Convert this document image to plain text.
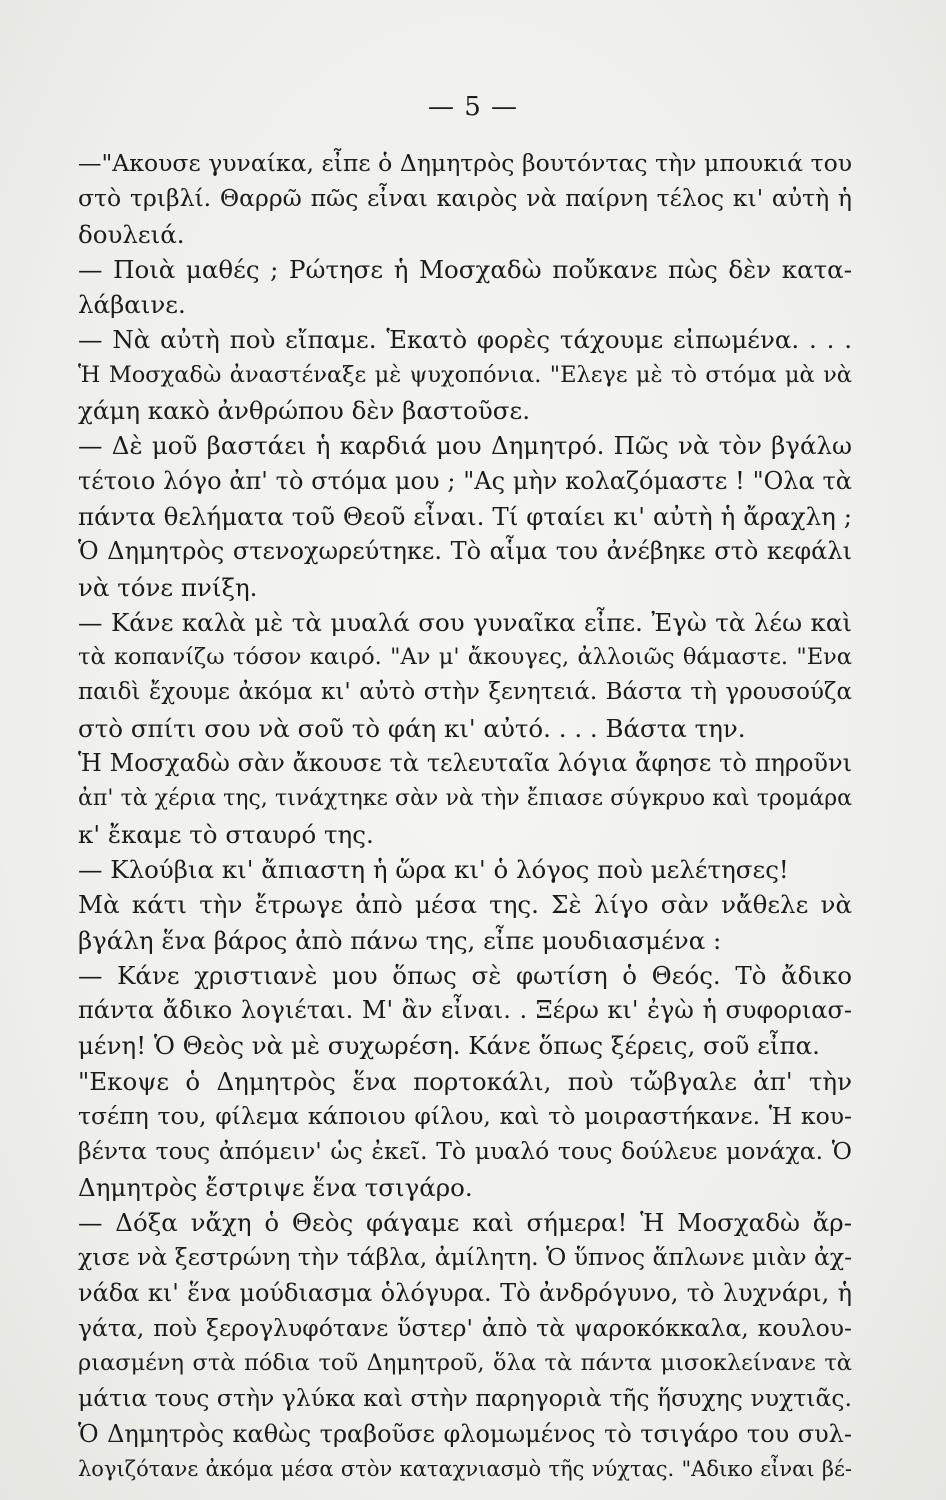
— 5 —
—"Ακουσε γυναίκα, εἶπε ὁ Δημητρὸς βουτόντας τὴν μπουκιά του
στὸ τριβλί. Θαρρῶ πῶς εἶναι καιρὸς νὰ παίρνη τέλος κι' αὐτὴ ἡ
δουλειά.
— Ποιὰ μαθές ; Ρώτησε ἡ Μοσχαδὼ ποὔκανε πὼς δὲν κατα-
λάβαινε.
— Νὰ αὐτὴ ποὺ εἴπαμε. Ἑκατὸ φορὲς τάχουμε εἰπωμένα. . . .
Ἡ Μοσχαδὼ ἀναστέναξε μὲ ψυχοπόνια. "Ελεγε μὲ τὸ στόμα μὰ νὰ
χάμη κακὸ ἀνθρώπου δὲν βαστοῦσε.
— Δὲ μοῦ βαστάει ἡ καρδιά μου Δημητρό. Πῶς νὰ τὸν βγάλω
τέτοιο λόγο ἀπ' τὸ στόμα μου ; "Ας μὴν κολαζόμαστε ! "Ολα τὰ
πάντα θελήματα τοῦ Θεοῦ εἶναι. Τί φταίει κι' αὐτὴ ἡ ἄραχλη ;
Ὁ Δημητρὸς στενοχωρεύτηκε. Τὸ αἷμα του ἀνέβηκε στὸ κεφάλι
νὰ τόνε πνίξη.
— Κάνε καλὰ μὲ τὰ μυαλά σου γυναῖκα εἶπε. Ἐγὼ τὰ λέω καὶ
τὰ κοπανίζω τόσον καιρό. "Αν μ' ἄκουγες, ἀλλοιῶς θάμαστε. "Ενα
παιδὶ ἔχουμε ἀκόμα κι' αὐτὸ στὴν ξενητειά. Βάστα τὴ γρουσούζα
στὸ σπίτι σου νὰ σοῦ τὸ φάη κι' αὐτό. . . . Βάστα την.
Ἡ Μοσχαδὼ σὰν ἄκουσε τὰ τελευταῖα λόγια ἄφησε τὸ πηροῦνι
ἀπ' τὰ χέρια της, τινάχτηκε σὰν νὰ τὴν ἔπιασε σύγκρυο καὶ τρομάρα
κ' ἔκαμε τὸ σταυρό της.
— Κλούβια κι' ἄπιαστη ἡ ὥρα κι' ὁ λόγος ποὺ μελέτησες!
Μὰ κάτι τὴν ἔτρωγε ἀπὸ μέσα της. Σὲ λίγο σὰν νἄθελε νὰ
βγάλη ἕνα βάρος ἀπὸ πάνω της, εἶπε μουδιασμένα :
— Κάνε χριστιανὲ μου ὅπως σὲ φωτίση ὁ Θεός. Τὸ ἄδικο
πάντα ἄδικο λογιέται. Μ' ἂν εἶναι. . Ξέρω κι' ἐγὼ ἡ συφοριασ-
μένη! Ὁ Θεὸς νὰ μὲ συχωρέση. Κάνε ὅπως ξέρεις, σοῦ εἶπα.
"Εκοψε ὁ Δημητρὸς ἕνα πορτοκάλι, ποὺ τὤβγαλε ἀπ' τὴν
τσέπη του, φίλεμα κάποιου φίλου, καὶ τὸ μοιραστήκανε. Ἡ κου-
βέντα τους ἀπόμειν' ὡς ἐκεῖ. Τὸ μυαλό τους δούλευε μονάχα. Ὁ
Δημητρὸς ἔστριψε ἕνα τσιγάρο.
— Δόξα νἄχη ὁ Θεὸς φάγαμε καὶ σήμερα! Ἡ Μοσχαδὼ ἄρ-
χισε νὰ ξεστρώνη τὴν τάβλα, ἀμίλητη. Ὁ ὕπνος ἅπλωνε μιὰν ἀχ-
νάδα κι' ἕνα μούδιασμα ὁλόγυρα. Τὸ ἀνδρόγυνο, τὸ λυχνάρι, ἡ
γάτα, ποὺ ξερογλυφότανε ὕστερ' ἀπὸ τὰ ψαροκόκκαλα, κουλου-
ριασμένη στὰ πόδια τοῦ Δημητροῦ, ὅλα τὰ πάντα μισοκλείνανε τὰ
μάτια τους στὴν γλύκα καὶ στὴν παρηγοριὰ τῆς ἥσυχης νυχτιᾶς.
Ὁ Δημητρὸς καθὼς τραβοῦσε φλομωμένος τὸ τσιγάρο του συλ-
λογιζότανε ἀκόμα μέσα στὸν καταχνιασμὸ τῆς νύχτας. "Αδικο εἶναι βέ-
